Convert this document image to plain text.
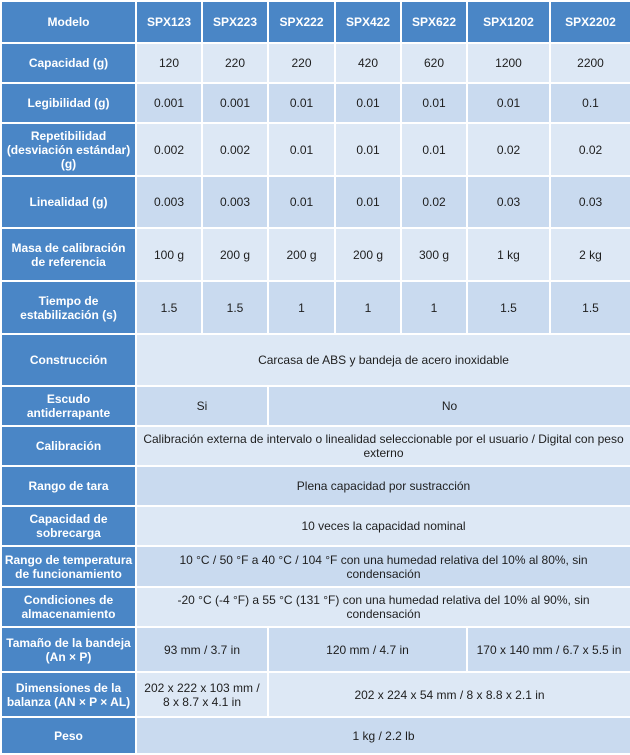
Modelo	SPX123	SPX223	SPX222	SPX422	SPX622	SPX1202	SPX2202
Capacidad (g)	120	220	220	420	620	1200	2200
Legibilidad (g)	0.001	0.001	0.01	0.01	0.01	0.01	0.1
Repetibilidad (desviación estándar) (g)	0.002	0.002	0.01	0.01	0.01	0.02	0.02
Linealidad (g)	0.003	0.003	0.01	0.01	0.02	0.03	0.03
Masa de calibración de referencia	100 g	200 g	200 g	200 g	300 g	1 kg	2 kg
Tiempo de estabilización (s)	1.5	1.5	1	1	1	1.5	1.5
Construcción	Carcasa de ABS y bandeja de acero inoxidable						
Escudo antiderrapante	Si		No				
Calibración	Calibración externa de intervalo o linealidad seleccionable por el usuario / Digital con peso externo						
Rango de tara	Plena capacidad por sustracción						
Capacidad de sobrecarga	10 veces la capacidad nominal						
Rango de temperatura de funcionamiento	10 °C / 50 °F a 40 °C / 104 °F con una humedad relativa del 10% al 80%, sin condensación						
Condiciones de almacenamiento	-20 °C (-4 °F) a 55 °C (131 °F) con una humedad relativa del 10% al 90%, sin condensación						
Tamaño de la bandeja (An × P)	93 mm / 3.7 in		120 mm / 4.7 in			170 x 140 mm / 6.7 x 5.5 in	
Dimensiones de la balanza (AN × P × AL)	202 x 222 x 103 mm / 8 x 8.7 x 4.1 in		202 x 224 x 54 mm / 8 x 8.8 x 2.1 in				
Peso	1 kg / 2.2 lb						
